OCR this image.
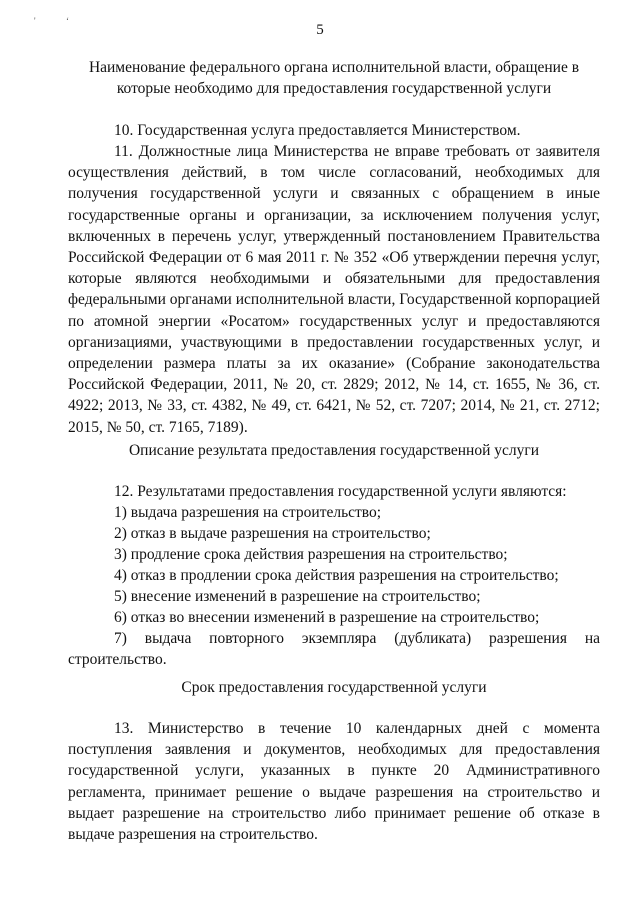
'	ʻ
5
Наименование федерального органа исполнительной власти, обращение в которые необходимо для предоставления государственной услуги

10. Государственная услуга предоставляется Министерством.

11. Должностные лица Министерства не вправе требовать от заявителя осуществления действий, в том числе согласований, необходимых для получения государственной услуги и связанных с обращением в иные государственные органы и организации, за исключением получения услуг, включенных в перечень услуг, утвержденный постановлением Правительства Российской Федерации от 6 мая 2011 г. № 352 «Об утверждении перечня услуг, которые являются необходимыми и обязательными для предоставления федеральными органами исполнительной власти, Государственной корпорацией по атомной энергии «Росатом» государственных услуг и предоставляются организациями, участвующими в предоставлении государственных услуг, и определении размера платы за их оказание» (Собрание законодательства Российской Федерации, 2011, № 20, ст. 2829; 2012, № 14, ст. 1655, № 36, ст. 4922; 2013, № 33, ст. 4382, № 49, ст. 6421, № 52, ст. 7207; 2014, № 21, ст. 2712; 2015, № 50, ст. 7165, 7189).

Описание результата предоставления государственной услуги

12. Результатами предоставления государственной услуги являются:

1) выдача разрешения на строительство;

2) отказ в выдаче разрешения на строительство;

3) продление срока действия разрешения на строительство;

4) отказ в продлении срока действия разрешения на строительство;

5) внесение изменений в разрешение на строительство;

6) отказ во внесении изменений в разрешение на строительство;

7) выдача повторного экземпляра (дубликата) разрешения на строительство.

Срок предоставления государственной услуги

13. Министерство в течение 10 календарных дней с момента поступления заявления и документов, необходимых для предоставления государственной услуги, указанных в пункте 20 Административного регламента, принимает решение о выдаче разрешения на строительство и выдает разрешение на строительство либо принимает решение об отказе в выдаче разрешения на строительство.
